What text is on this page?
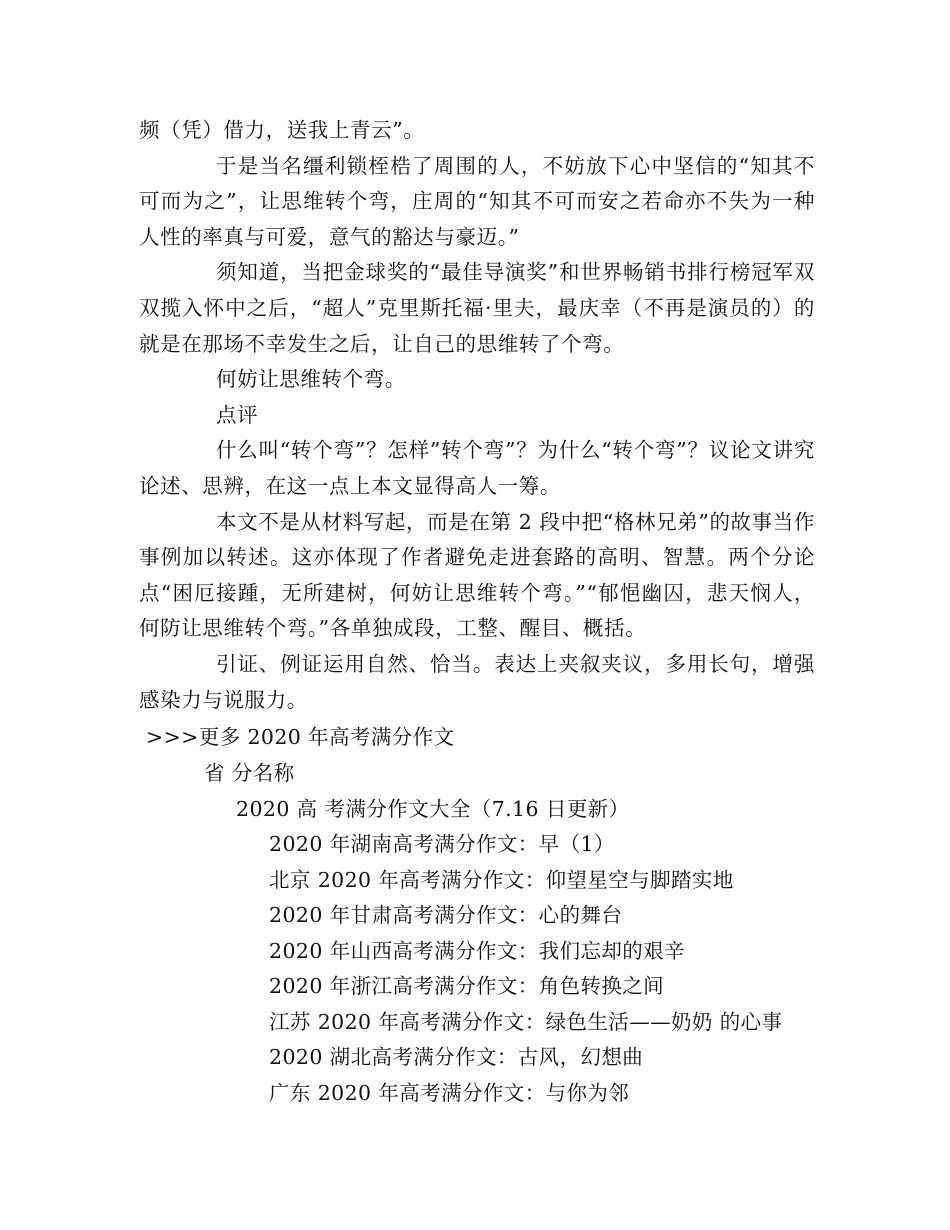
频（凭）借力，送我上青云”。

于是当名缰利锁桎梏了周围的人，不妨放下心中坚信的“知其不可而为之”，让思维转个弯，庄周的“知其不可而安之若命亦不失为一种人性的率真与可爱，意气的豁达与豪迈。”

须知道，当把金球奖的“最佳导演奖”和世界畅销书排行榜冠军双双揽入怀中之后，“超人”克里斯托福·里夫，最庆幸（不再是演员的）的就是在那场不幸发生之后，让自己的思维转了个弯。

何妨让思维转个弯。

点评

什么叫“转个弯”？怎样”转个弯”？为什么“转个弯”？议论文讲究论述、思辨，在这一点上本文显得高人一筹。

本文不是从材料写起，而是在第 2 段中把“格林兄弟”的故事当作事例加以转述。这亦体现了作者避免走进套路的高明、智慧。两个分论点“困厄接踵，无所建树，何妨让思维转个弯。”“郁悒幽囚，悲天悯人，何防让思维转个弯。”各单独成段，工整、醒目、概括。

引证、例证运用自然、恰当。表达上夹叙夹议，多用长句，增强感染力与说服力。

>>>更多 2020 年高考满分作文
省 分名称
2020 高 考满分作文大全（7.16 日更新）
2020 年湖南高考满分作文：早（1）
北京 2020 年高考满分作文：仰望星空与脚踏实地
2020 年甘肃高考满分作文：心的舞台
2020 年山西高考满分作文：我们忘却的艰辛
2020 年浙江高考满分作文：角色转换之间
江苏 2020 年高考满分作文：绿色生活——奶奶 的心事
2020 湖北高考满分作文：古风，幻想曲
广东 2020 年高考满分作文：与你为邻
